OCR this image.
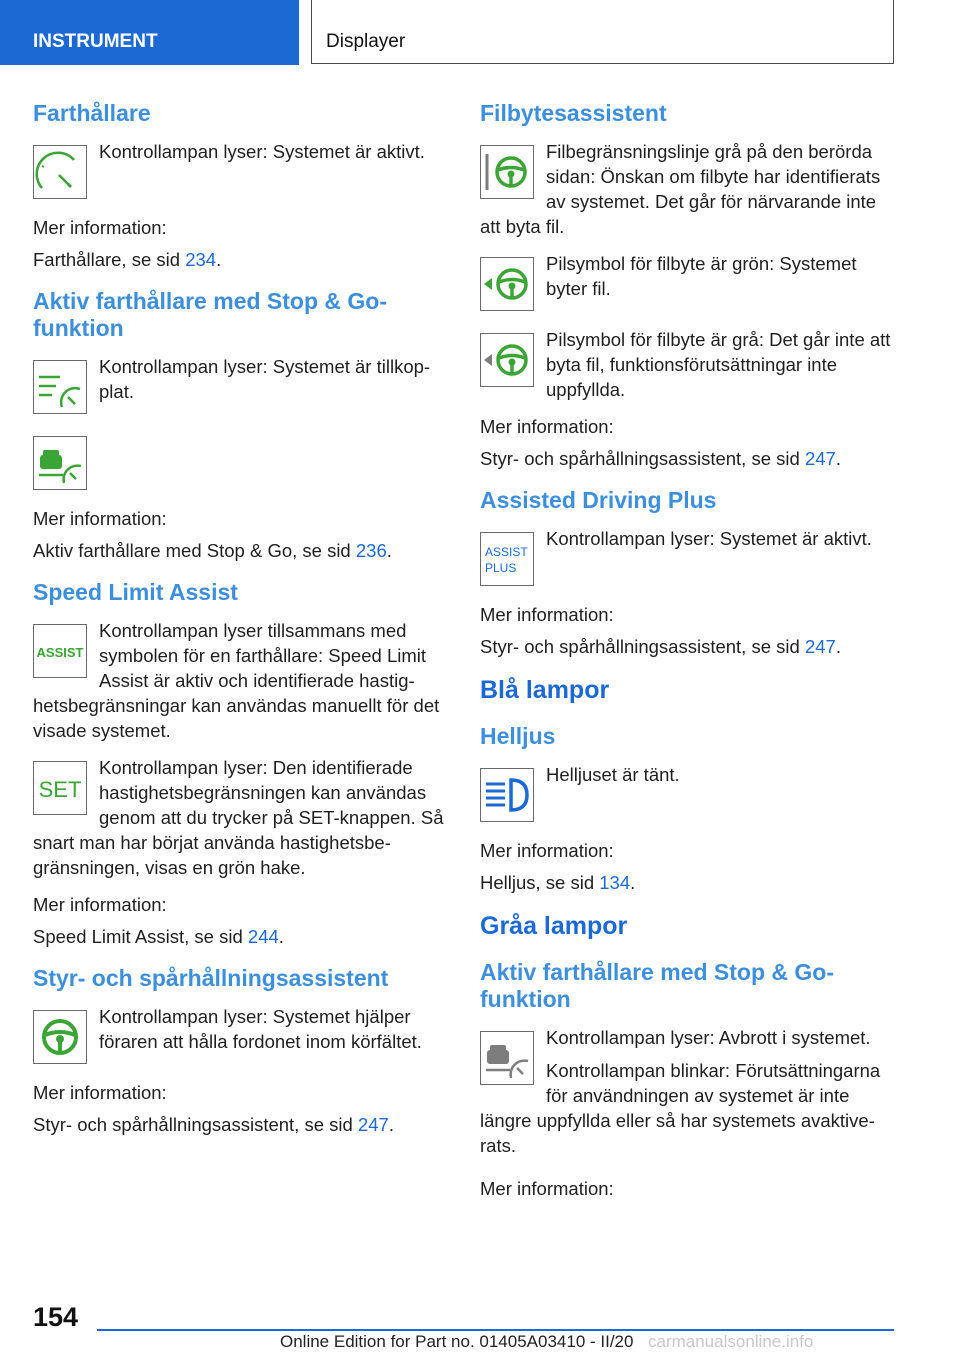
INSTRUMENT	Displayer
Farthållare
Kontrollampan lyser: Systemet är aktivt.

Mer information:

Farthållare, se sid 234.

Aktiv farthållare med Stop & Go-funktion
Kontrollampan lyser: Systemet är tillkopplat.

Mer information:

Aktiv farthållare med Stop & Go, se sid 236.

Speed Limit Assist
ASSIST
Kontrollampan lyser tillsammans med symbolen för en farthållare: Speed Limit Assist är aktiv och identifierade hastighetsbegränsningar kan användas manuellt för det visade systemet.
SET
Kontrollampan lyser: Den identifierade hastighetsbegränsningen kan användas genom att du trycker på SET-knappen. Så snart man har börjat använda hastighetsbegränsningen, visas en grön hake.

Mer information:

Speed Limit Assist, se sid 244.

Styr- och spårhållningsassistent
Kontrollampan lyser: Systemet hjälper föraren att hålla fordonet inom körfältet.

Mer information:

Styr- och spårhållningsassistent, se sid 247.

Filbytesassistent
Filbegränsningslinje grå på den berörda sidan: Önskan om filbyte har identifierats av systemet. Det går för närvarande inte att byta fil.
Pilsymbol för filbyte är grön: Systemet byter fil.
Pilsymbol för filbyte är grå: Det går inte att byta fil, funktionsförutsättningar inte uppfyllda.

Mer information:

Styr- och spårhållningsassistent, se sid 247.

Assisted Driving Plus
ASSIST
PLUS
Kontrollampan lyser: Systemet är aktivt.

Mer information:

Styr- och spårhållningsassistent, se sid 247.

Blå lampor
Helljus
Helljuset är tänt.

Mer information:

Helljus, se sid 134.

Gråa lampor
Aktiv farthållare med Stop & Go-funktion

Kontrollampan lyser: Avbrott i systemet.

Kontrollampan blinkar: Förutsättningarna för användningen av systemet är inte längre uppfyllda eller så har systemets avaktiverats.

Mer information:

154
Online Edition for Part no. 01405A03410 - II/20 carmanualsonline.info
